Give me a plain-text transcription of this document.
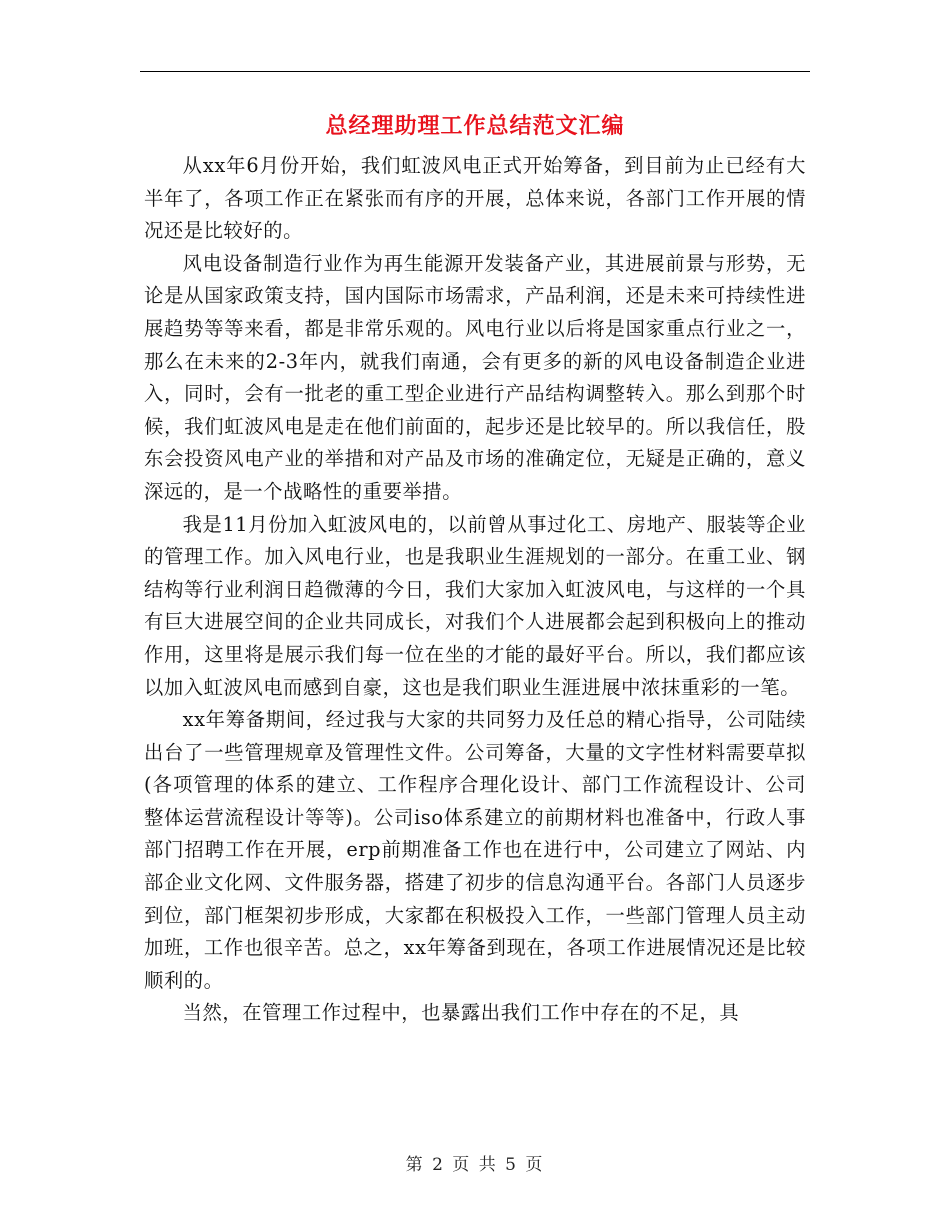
总经理助理工作总结范文汇编

从xx年6月份开始，我们虹波风电正式开始筹备，到目前为止已经有大半年了，各项工作正在紧张而有序的开展，总体来说，各部门工作开展的情况还是比较好的。

风电设备制造行业作为再生能源开发装备产业，其进展前景与形势，无论是从国家政策支持，国内国际市场需求，产品利润，还是未来可持续性进展趋势等等来看，都是非常乐观的。风电行业以后将是国家重点行业之一，那么在未来的2-3年内，就我们南通，会有更多的新的风电设备制造企业进入，同时，会有一批老的重工型企业进行产品结构调整转入。那么到那个时候，我们虹波风电是走在他们前面的，起步还是比较早的。所以我信任，股东会投资风电产业的举措和对产品及市场的准确定位，无疑是正确的，意义深远的，是一个战略性的重要举措。

我是11月份加入虹波风电的，以前曾从事过化工、房地产、服装等企业的管理工作。加入风电行业，也是我职业生涯规划的一部分。在重工业、钢结构等行业利润日趋微薄的今日，我们大家加入虹波风电，与这样的一个具有巨大进展空间的企业共同成长，对我们个人进展都会起到积极向上的推动作用，这里将是展示我们每一位在坐的才能的最好平台。所以，我们都应该以加入虹波风电而感到自豪，这也是我们职业生涯进展中浓抹重彩的一笔。

xx年筹备期间，经过我与大家的共同努力及任总的精心指导，公司陆续出台了一些管理规章及管理性文件。公司筹备，大量的文字性材料需要草拟(各项管理的体系的建立、工作程序合理化设计、部门工作流程设计、公司整体运营流程设计等等)。公司iso体系建立的前期材料也准备中，行政人事部门招聘工作在开展，erp前期准备工作也在进行中，公司建立了网站、内部企业文化网、文件服务器，搭建了初步的信息沟通平台。各部门人员逐步到位，部门框架初步形成，大家都在积极投入工作，一些部门管理人员主动加班，工作也很辛苦。总之，xx年筹备到现在，各项工作进展情况还是比较顺利的。

当然，在管理工作过程中，也暴露出我们工作中存在的不足，具

第 2 页 共 5 页
